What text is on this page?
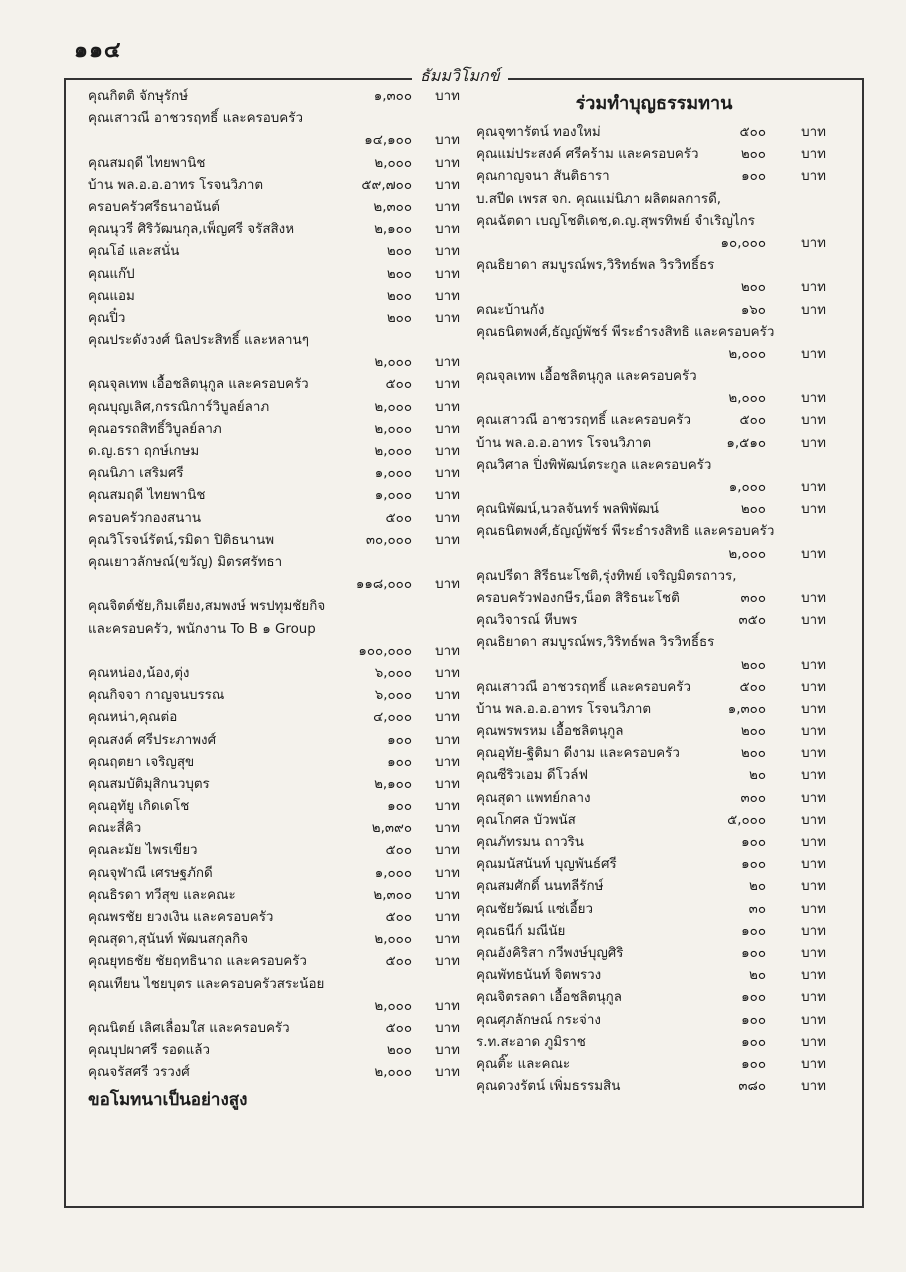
๑๑๔
ธัมมวิโมกข์
คุณกิตติ จักษุรักษ์	๑,๓๐๐ บาท
คุณเสาวณี อาชวรฤทธิ์ และครอบครัว
๑๔,๑๐๐ บาท
คุณสมฤดี ไทยพานิช	๒,๐๐๐ บาท
บ้าน พล.อ.อ.อาทร โรจนวิภาต	๕๙,๗๐๐ บาท
ครอบครัวศรีธนาอนันต์	๒,๓๐๐ บาท
คุณนุวรี ศิริวัฒนกุล,เพ็ญศรี จรัสสิงห	๒,๑๐๐ บาท
คุณโอ๋ และสนั่น	๒๐๐ บาท
คุณแก๊ป	๒๐๐ บาท
คุณแอม	๒๐๐ บาท
คุณปิ๋ว	๒๐๐ บาท
คุณประดังวงศ์ นิลประสิทธิ์ และหลานๆ
๒,๐๐๐ บาท
คุณจุลเทพ เอื้อชลิตนุกูล และครอบครัว	๕๐๐ บาท
คุณบุญเลิศ,กรรณิการ์วิบูลย์ลาภ	๒,๐๐๐ บาท
คุณอรรถสิทธิ์วิบูลย์ลาภ	๒,๐๐๐ บาท
ด.ญ.ธรา ฤกษ์เกษม	๒,๐๐๐ บาท
คุณนิภา เสริมศรี	๑,๐๐๐ บาท
คุณสมฤดี ไทยพานิช	๑,๐๐๐ บาท
ครอบครัวกองสนาน	๕๐๐ บาท
คุณวิโรจน์รัตน์,รมิดา ปิติธนานพ	๓๐,๐๐๐ บาท
คุณเยาวลักษณ์(ขวัญ) มิตรศรัทธา
๑๑๘,๐๐๐ บาท
คุณจิตต์ชัย,กิมเตียง,สมพงษ์ พรปทุมชัยกิจ
และครอบครัว, พนักงาน To B ๑ Group
๑๐๐,๐๐๐ บาท
คุณหน่อง,น้อง,ตุ่ง	๖,๐๐๐ บาท
คุณกิจจา กาญจนบรรณ	๖,๐๐๐ บาท
คุณหน่า,คุณต่อ	๔,๐๐๐ บาท
คุณสงค์ ศรีประภาพงศ์	๑๐๐ บาท
คุณฤตยา เจริญสุข	๑๐๐ บาท
คุณสมบัติมุสิกนวบุตร	๒,๑๐๐ บาท
คุณอุทัยู เกิดเดโช	๑๐๐ บาท
คณะสี่คิว	๒,๓๙๐ บาท
คุณละมัย ไพรเขียว	๕๐๐ บาท
คุณจุฬาณี เศรษฐภักดี	๑,๐๐๐ บาท
คุณธิรดา ทวีสุข และคณะ	๒,๓๐๐ บาท
คุณพรชัย ยวงเงิน และครอบครัว	๕๐๐ บาท
คุณสุดา,สุนันท์ พัฒนสกุลกิจ	๒,๐๐๐ บาท
คุณยุทธชัย ชัยฤทธินาถ และครอบครัว	๕๐๐ บาท
คุณเทียน ไชยบุตร และครอบครัวสระน้อย
๒,๐๐๐ บาท
คุณนิตย์ เลิศเลื่อมใส และครอบครัว	๕๐๐ บาท
คุณบุปผาศรี รอดแล้ว	๒๐๐ บาท
คุณจรัสศรี วรวงศ์	๒,๐๐๐ บาท
ขอโมทนาเป็นอย่างสูง
ร่วมทำบุญธรรมทาน
คุณจุฑารัตน์ ทองใหม่	๕๐๐	บาท
คุณแม่ประสงค์ ศรีคร้าม และครอบครัว	๒๐๐	บาท
คุณกาญจนา สันติธารา	๑๐๐	บาท
บ.สปีด เพรส จก. คุณแม่นิภา ผลิตผลการดี,
คุณฉัตดา เบญโชติเดช,ด.ญ.สุพรทิพย์ จำเริญไกร
๑๐,๐๐๐	บาท
คุณธิยาดา สมบูรณ์พร,วิริทธ์พล วิรวิทธิ์ธร
๒๐๐	บาท
คณะบ้านกัง	๑๖๐	บาท
คุณธนิตพงศ์,ธัญญ์พัชร์ พีระธำรงสิทธิ และครอบครัว
๒,๐๐๐	บาท
คุณจุลเทพ เอื้อชลิตนุกูล และครอบครัว
๒,๐๐๐	บาท
คุณเสาวณี อาชวรฤทธิ์ และครอบครัว	๕๐๐	บาท
บ้าน พล.อ.อ.อาทร โรจนวิภาต	๑,๕๑๐	บาท
คุณวิศาล ปิ่งพิพัฒน์ตระกูล และครอบครัว
๑,๐๐๐	บาท
คุณนิพัฒน์,นวลจันทร์ พลพิพัฒน์	๒๐๐	บาท
คุณธนิตพงศ์,ธัญญ์พัชร์ พีระธำรงสิทธิ และครอบครัว
๒,๐๐๐	บาท
คุณปรีดา สิรีธนะโชติ,รุ่งทิพย์ เจริญมิตรถาวร,
ครอบครัวฟองกษีร,น็อต สิริธนะโชติ	๓๐๐	บาท
คุณวิจารณ์ หีบพร	๓๕๐	บาท
คุณธิยาดา สมบูรณ์พร,วิริทธ์พล วิรวิทธิ์ธร
๒๐๐	บาท
คุณเสาวณี อาชวรฤทธิ์ และครอบครัว	๕๐๐	บาท
บ้าน พล.อ.อ.อาทร โรจนวิภาต	๑,๓๐๐	บาท
คุณพรพรหม เอื้อชลิตนุกูล	๒๐๐	บาท
คุณอุทัย-ฐิติมา ดีงาม และครอบครัว	๒๐๐	บาท
คุณซีริวเอม ดีโวล์ฟ	๒๐	บาท
คุณสุดา แพทย์กลาง	๓๐๐	บาท
คุณโกศล บัวพนัส	๕,๐๐๐	บาท
คุณภัทรมน ถาวริน	๑๐๐	บาท
คุณมนัสนันท์ บุญพันธ์ศรี	๑๐๐	บาท
คุณสมศักดิ์ นนทลีรักษ์	๒๐	บาท
คุณชัยวัฒน์ แซ่เอี้ยว	๓๐	บาท
คุณธนีก์ มณีนัย	๑๐๐	บาท
คุณอังคิริสา กวีพงษ์บุญศิริ	๑๐๐	บาท
คุณพัทธนันท์ จิตพรวง	๒๐	บาท
คุณจิตรลดา เอื้อชลิตนุกูล	๑๐๐	บาท
คุณศุภลักษณ์ กระจ่าง	๑๐๐	บาท
ร.ท.สะอาด ภูมิราช	๑๐๐	บาท
คุณติ๊ะ และคณะ	๑๐๐	บาท
คุณดวงรัตน์ เพิ่มธรรมสิน	๓๘๐	บาท
